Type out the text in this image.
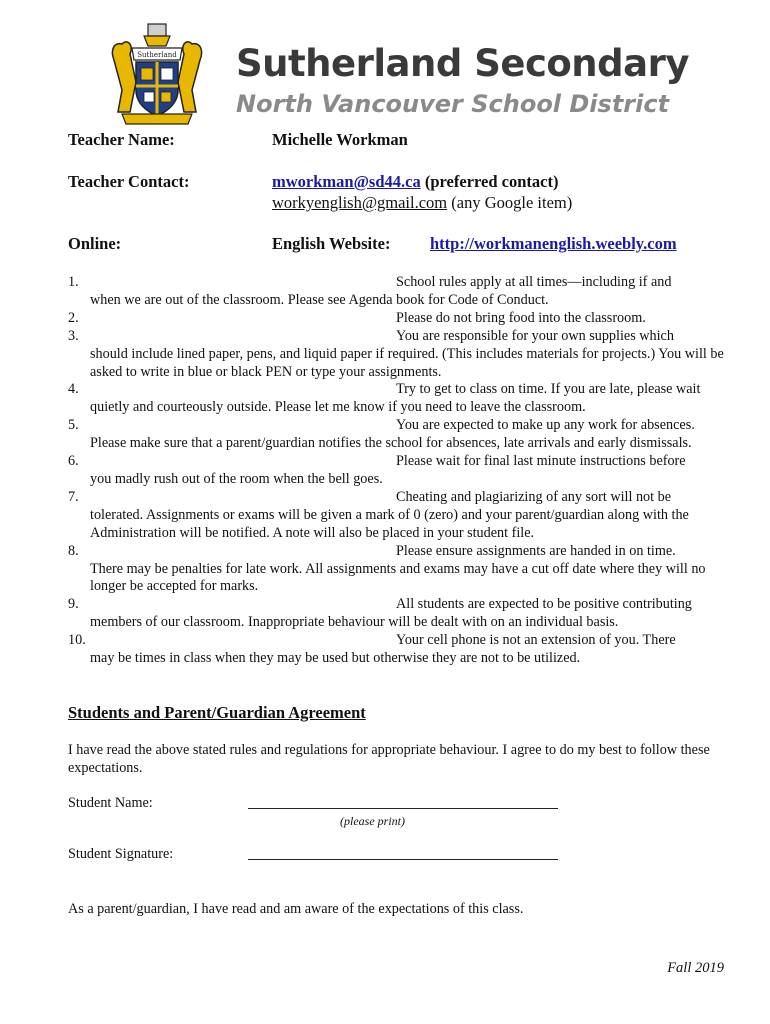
Sutherland Sutherland Secondary
North Vancouver School District
Teacher Name:	Michelle Workman
Teacher Contact:	mworkman@sd44.ca (preferred contact)
workyenglish@gmail.com (any Google item)
Online:	English Website: http://workmanenglish.weebly.com
1.	School rules apply at all times—including if and
when we are out of the classroom. Please see Agenda book for Code of Conduct.
2.	Please do not bring food into the classroom.
3.	You are responsible for your own supplies which
should include lined paper, pens, and liquid paper if required. (This includes materials for projects.) You will be asked to write in blue or black PEN or type your assignments.
4.	Try to get to class on time. If you are late, please wait
quietly and courteously outside. Please let me know if you need to leave the classroom.
5.	You are expected to make up any work for absences.
Please make sure that a parent/guardian notifies the school for absences, late arrivals and early dismissals.
6.	Please wait for final last minute instructions before
you madly rush out of the room when the bell goes.
7.	Cheating and plagiarizing of any sort will not be
tolerated. Assignments or exams will be given a mark of 0 (zero) and your parent/guardian along with the Administration will be notified. A note will also be placed in your student file.
8.	Please ensure assignments are handed in on time.
There may be penalties for late work. All assignments and exams may have a cut off date where they will no longer be accepted for marks.
9.	All students are expected to be positive contributing
members of our classroom. Inappropriate behaviour will be dealt with on an individual basis.
10.	Your cell phone is not an extension of you. There
may be times in class when they may be used but otherwise they are not to be utilized.
Students and Parent/Guardian Agreement
I have read the above stated rules and regulations for appropriate behaviour. I agree to do my best to follow these expectations.
Student Name:
(please print)
Student Signature:
As a parent/guardian, I have read and am aware of the expectations of this class.
Fall 2019
